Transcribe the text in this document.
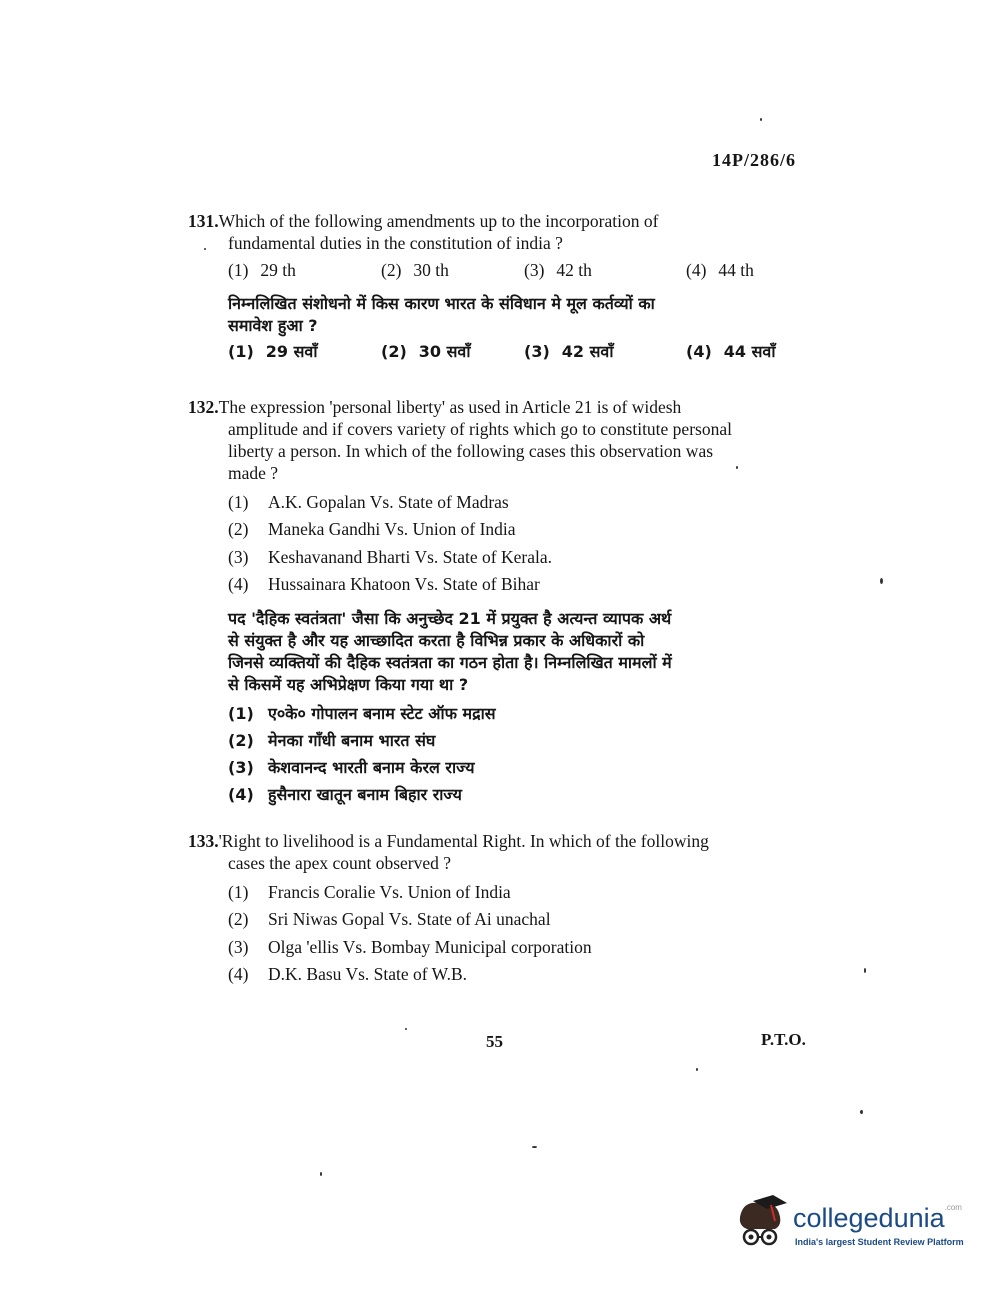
14P/286/6
131.Which of the following amendments up to the incorporation of
fundamental duties in the constitution of india ?
(1) 29 th	(2) 30 th	(3) 42 th	(4) 44 th
निम्नलिखित संशोधनो में किस कारण भारत के संविधान मे मूल कर्तव्यों का
समावेश हुआ ?
(1) 29 सवाँ	(2) 30 सवाँ	(3) 42 सवाँ	(4) 44 सवाँ
132.The expression 'personal liberty' as used in Article 21 is of widesh
amplitude and if covers variety of rights which go to constitute personal
liberty a person. In which of the following cases this observation was
made ?
(1)	A.K. Gopalan Vs. State of Madras
(2)	Maneka Gandhi Vs. Union of India
(3)	Keshavanand Bharti Vs. State of Kerala.
(4)	Hussainara Khatoon Vs. State of Bihar
पद 'दैहिक स्वतंत्रता' जैसा कि अनुच्छेद 21 में प्रयुक्त है अत्यन्त व्यापक अर्थ
से संयुक्त है और यह आच्छादित करता है विभिन्न प्रकार के अधिकारों को
जिनसे व्यक्तियों की दैहिक स्वतंत्रता का गठन होता है। निम्नलिखित मामलों में
से किसमें यह अभिप्रेक्षण किया गया था ?
(1) ए०के० गोपालन बनाम स्टेट ऑफ मद्रास
(2) मेनका गाँधी बनाम भारत संघ
(3) केशवानन्द भारती बनाम केरल राज्य
(4) हुसैनारा खातून बनाम बिहार राज्य
133.'Right to livelihood is a Fundamental Right. In which of the following
cases the apex count observed ?
(1)	Francis Coralie Vs. Union of India
(2)	Sri Niwas Gopal Vs. State of Ai unachal
(3)	Olga 'ellis Vs. Bombay Municipal corporation
(4)	D.K. Basu Vs. State of W.B.
55	P.T.O.
collegedunia$^{.com}$
India's largest Student Review Platform
